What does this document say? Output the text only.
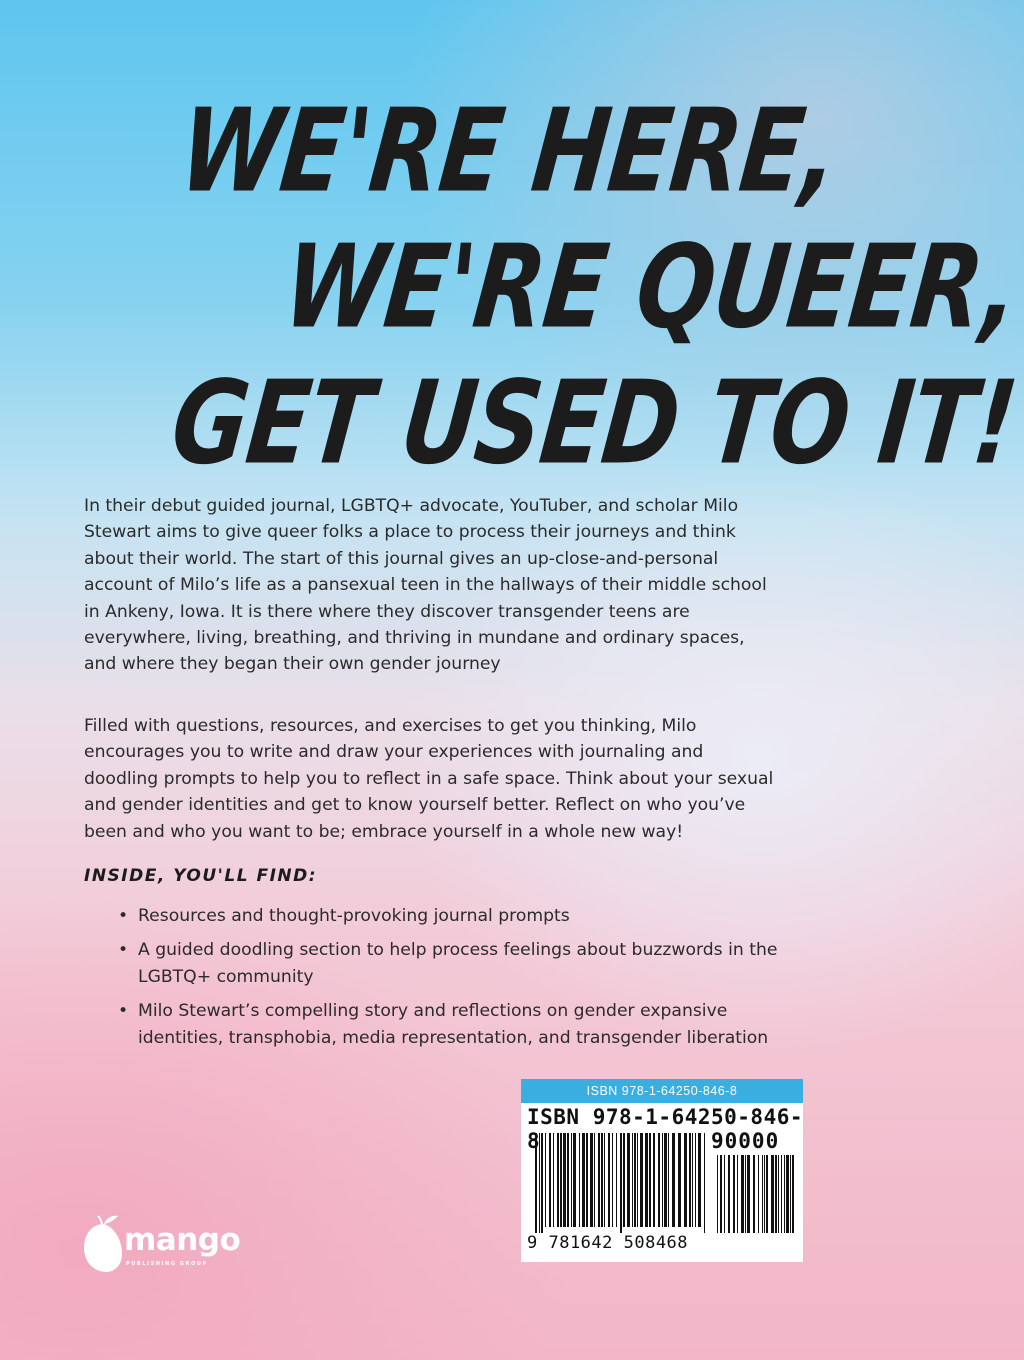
WE'RE HERE,
WE'RE QUEER,
GET USED TO IT!
In their debut guided journal, LGBTQ+ advocate, YouTuber, and scholar Milo
Stewart aims to give queer folks a place to process their journeys and think
about their world. The start of this journal gives an up-close-and-personal
account of Milo’s life as a pansexual teen in the hallways of their middle school
in Ankeny, Iowa. It is there where they discover transgender teens are
everywhere, living, breathing, and thriving in mundane and ordinary spaces,
and where they began their own gender journey
Filled with questions, resources, and exercises to get you thinking, Milo
encourages you to write and draw your experiences with journaling and
doodling prompts to help you to reflect in a safe space. Think about your sexual
and gender identities and get to know yourself better. Reflect on who you’ve
been and who you want to be; embrace yourself in a whole new way!
INSIDE, YOU'LL FIND:
• Resources and thought-provoking journal prompts
• A guided doodling section to help process feelings about buzzwords in the
LGBTQ+ community
• Milo Stewart’s compelling story and reflections on gender expansive
identities, transphobia, media representation, and transgender liberation
ISBN 978-1-64250-846-8
ISBN 978-1-64250-846-8	90000
9 781642 508468
mango
PUBLISHING GROUP
